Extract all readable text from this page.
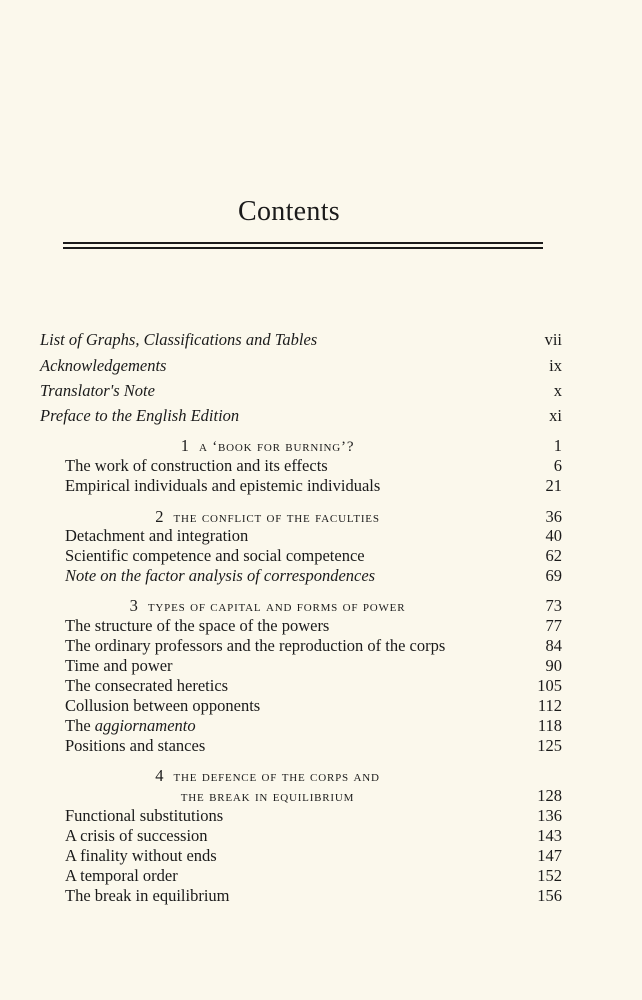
Contents
List of Graphs, Classifications and Tables	vii
Acknowledgements	ix
Translator's Note	x
Preface to the English Edition	xi
1 a ‘book for burning’?	1
The work of construction and its effects	6
Empirical individuals and epistemic individuals	21
2 the conflict of the faculties	36
Detachment and integration	40
Scientific competence and social competence	62
Note on the factor analysis of correspondences	69
3 types of capital and forms of power	73
The structure of the space of the powers	77
The ordinary professors and the reproduction of the corps	84
Time and power	90
The consecrated heretics	105
Collusion between opponents	112
The aggiornamento	118
Positions and stances	125
4 the defence of the corps and
the break in equilibrium	128
Functional substitutions	136
A crisis of succession	143
A finality without ends	147
A temporal order	152
The break in equilibrium	156
